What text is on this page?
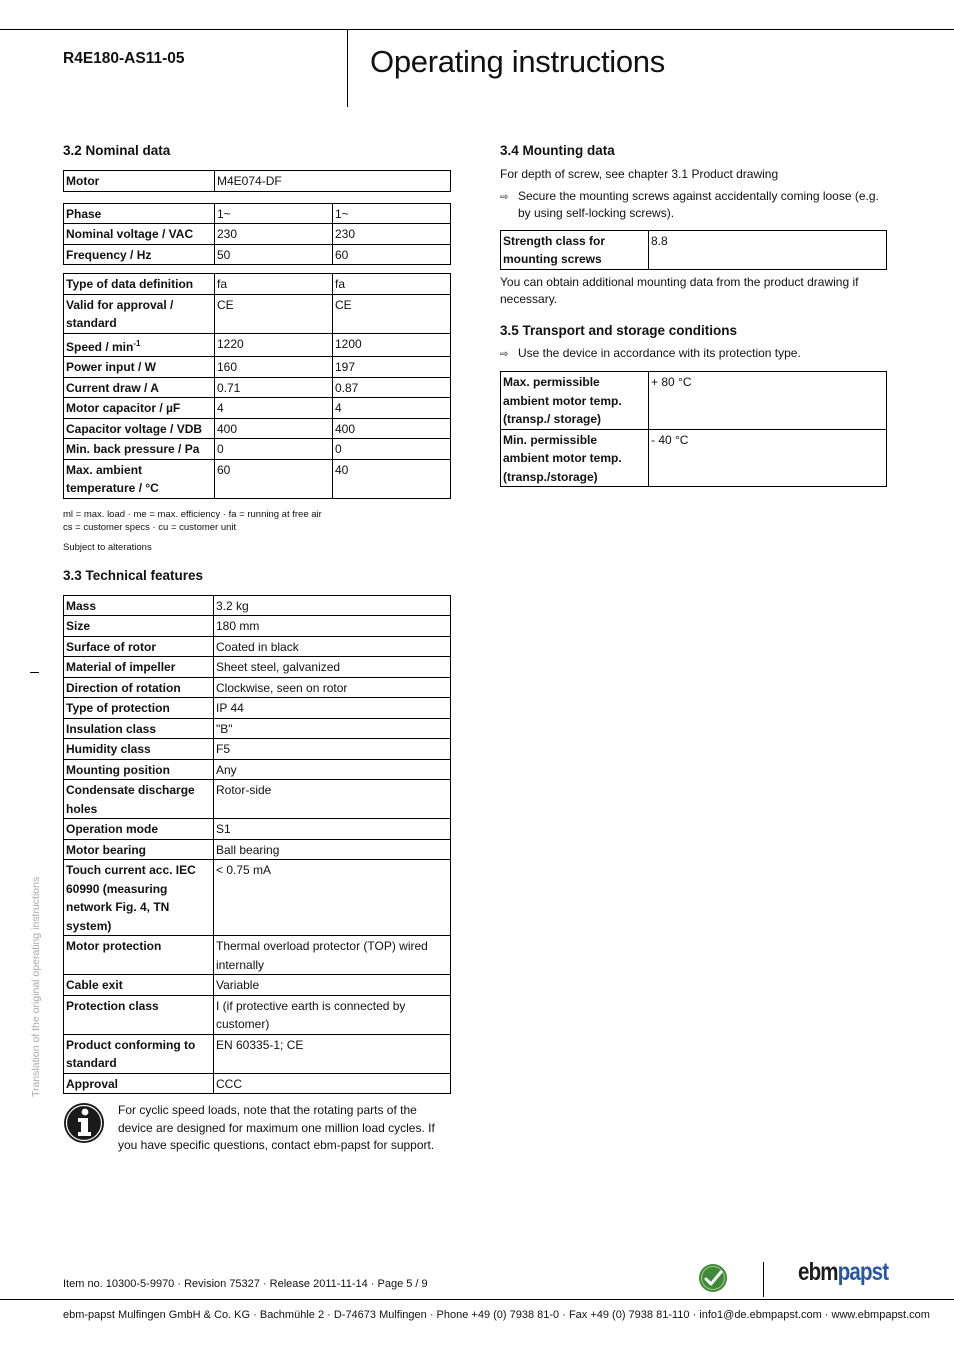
R4E180-AS11-05	Operating instructions
3.2 Nominal data
Motor	M4E074-DF
Phase	1~	1~
Nominal voltage / VAC	230	230
Frequency / Hz	50	60
Type of data definition	fa	fa
Valid for approval / standard	CE	CE
Speed / $\min^{-1}$	1220	1200
Power input / W	160	197
Current draw / A	0.71	0.87
Motor capacitor / µF	4	4
Capacitor voltage / VDB	400	400
Min. back pressure / Pa	0	0
Max. ambient temperature / °C	60	40
ml = max. load · me = max. efficiency · fa = running at free air
cs = customer specs · cu = customer unit
Subject to alterations
3.3 Technical features
Mass	3.2 kg
Size	180 mm
Surface of rotor	Coated in black
Material of impeller	Sheet steel, galvanized
Direction of rotation	Clockwise, seen on rotor
Type of protection	IP 44
Insulation class	"B"
Humidity class	F5
Mounting position	Any
Condensate discharge holes	Rotor-side
Operation mode	S1
Motor bearing	Ball bearing
Touch current acc. IEC 60990 (measuring network Fig. 4, TN system)	< 0.75 mA
Motor protection	Thermal overload protector (TOP) wired internally
Cable exit	Variable
Protection class	I (if protective earth is connected by customer)
Product conforming to standard	EN 60335-1; CE
Approval	CCC
For cyclic speed loads, note that the rotating parts of the device are designed for maximum one million load cycles. If you have specific questions, contact ebm-papst for support.
3.4 Mounting data
For depth of screw, see chapter 3.1 Product drawing
⇨ Secure the mounting screws against accidentally coming loose (e.g. by using self-locking screws).
Strength class for mounting screws	8.8
You can obtain additional mounting data from the product drawing if necessary.
3.5 Transport and storage conditions
⇨ Use the device in accordance with its protection type.
Max. permissible ambient motor temp. (transp./ storage)	+ 80 °C
Min. permissible ambient motor temp. (transp./storage)	- 40 °C
Translation of the original operating instructions
Item no. 10300-5-9970 · Revision 75327 · Release 2011-11-14 · Page 5 / 9	ebmpapst
ebm-papst Mulfingen GmbH & Co. KG · Bachmühle 2 · D-74673 Mulfingen · Phone +49 (0) 7938 81-0 · Fax +49 (0) 7938 81-110 · info1@de.ebmpapst.com · www.ebmpapst.com
